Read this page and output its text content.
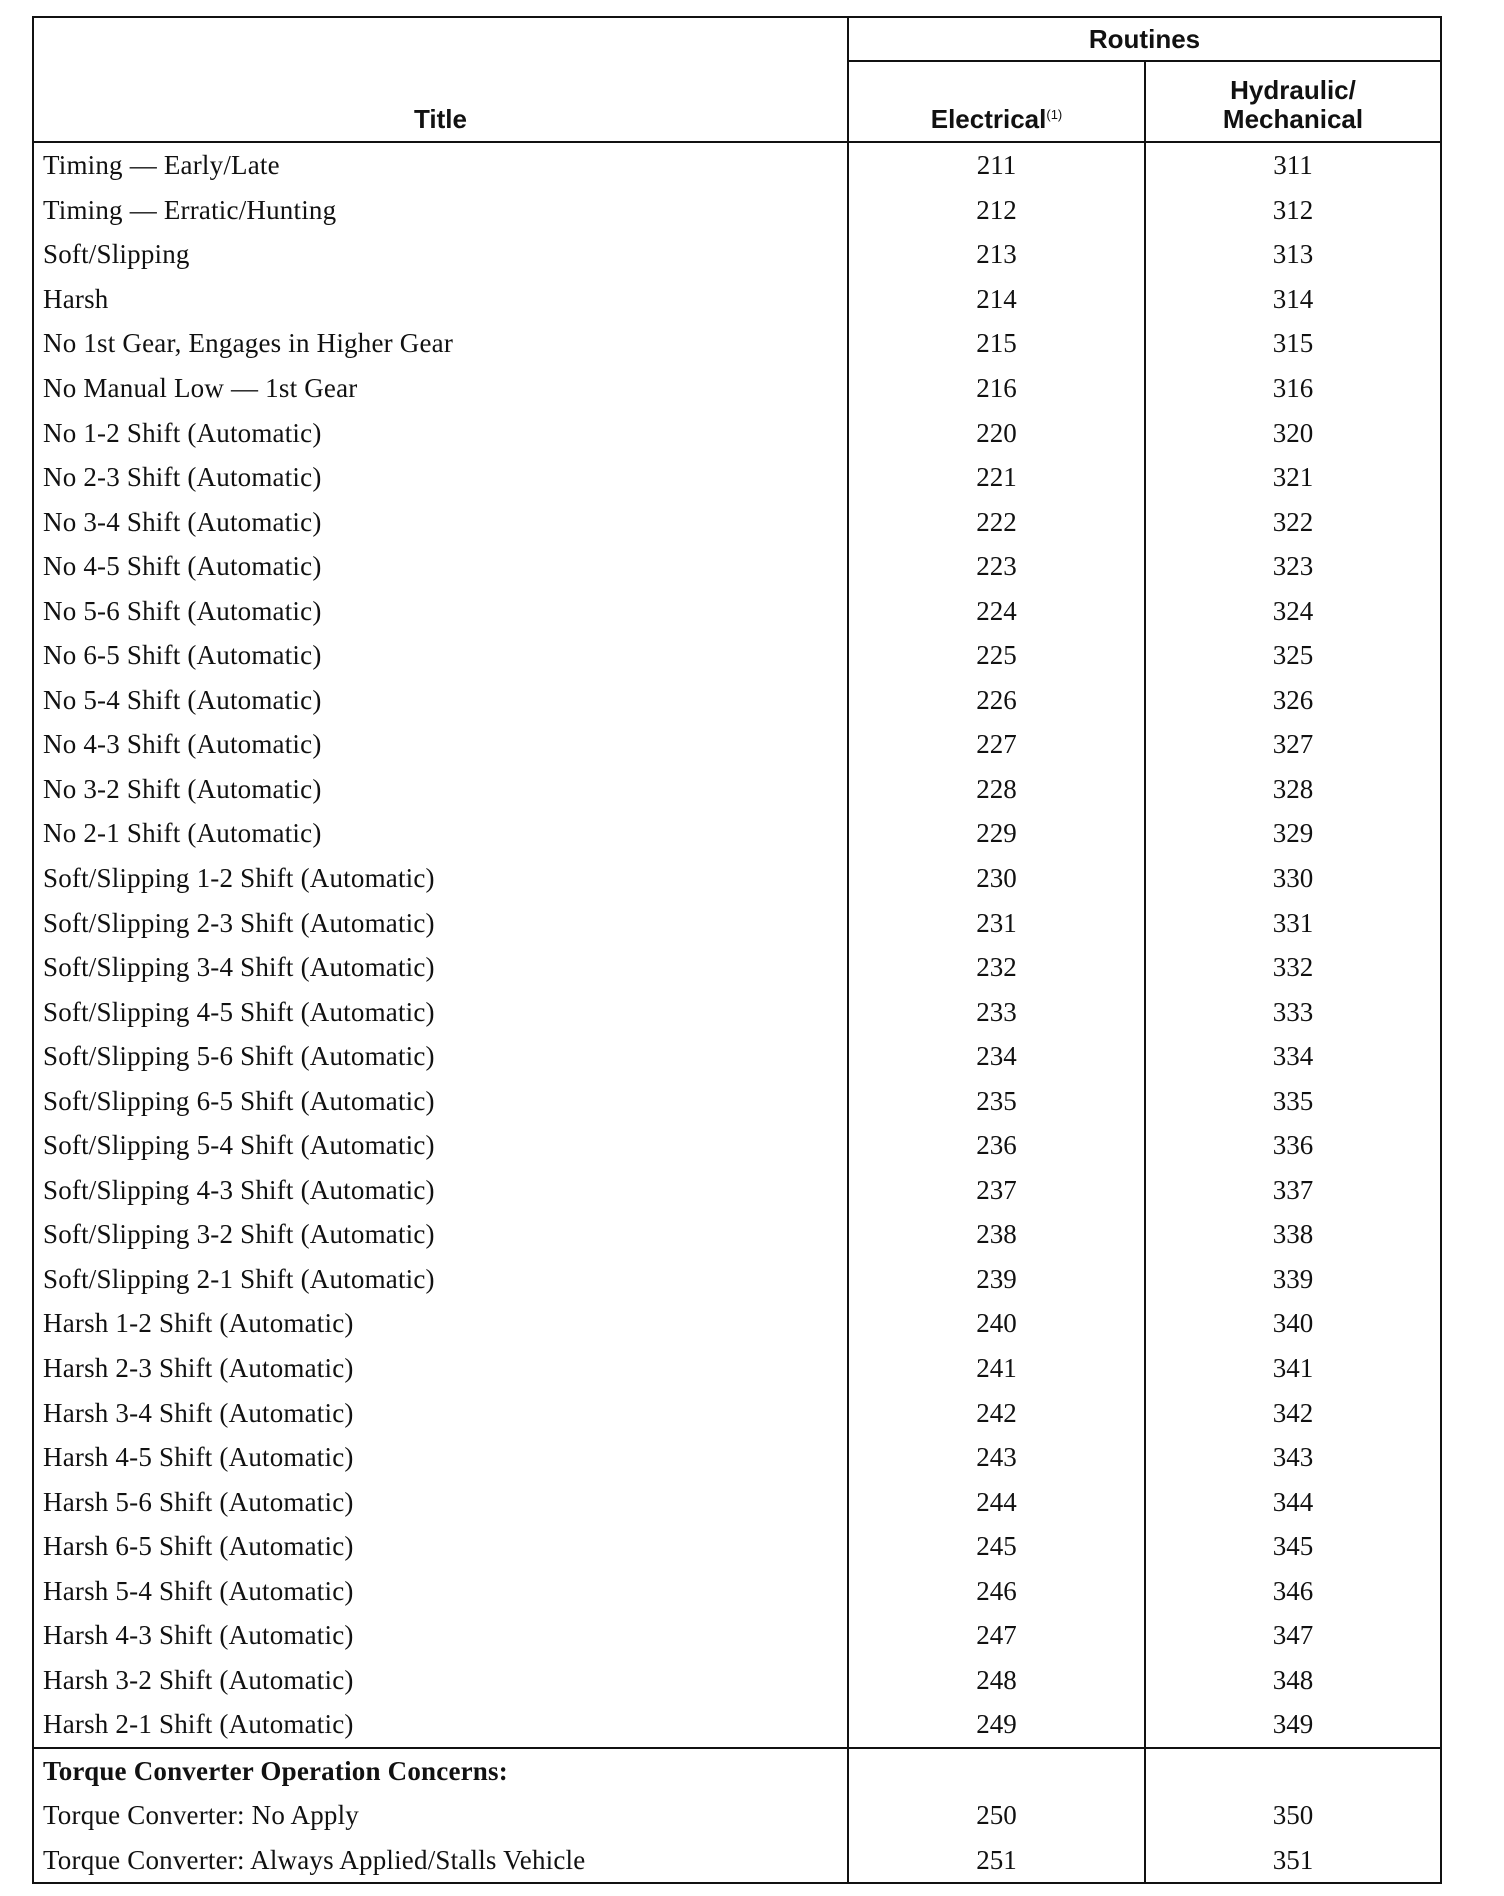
Title	Routines	
	Electrical$^{(1)}$	Hydraulic/
Mechanical
Timing — Early/Late	211	311
Timing — Erratic/Hunting	212	312
Soft/Slipping	213	313
Harsh	214	314
No 1st Gear, Engages in Higher Gear	215	315
No Manual Low — 1st Gear	216	316
No 1-2 Shift (Automatic)	220	320
No 2-3 Shift (Automatic)	221	321
No 3-4 Shift (Automatic)	222	322
No 4-5 Shift (Automatic)	223	323
No 5-6 Shift (Automatic)	224	324
No 6-5 Shift (Automatic)	225	325
No 5-4 Shift (Automatic)	226	326
No 4-3 Shift (Automatic)	227	327
No 3-2 Shift (Automatic)	228	328
No 2-1 Shift (Automatic)	229	329
Soft/Slipping 1-2 Shift (Automatic)	230	330
Soft/Slipping 2-3 Shift (Automatic)	231	331
Soft/Slipping 3-4 Shift (Automatic)	232	332
Soft/Slipping 4-5 Shift (Automatic)	233	333
Soft/Slipping 5-6 Shift (Automatic)	234	334
Soft/Slipping 6-5 Shift (Automatic)	235	335
Soft/Slipping 5-4 Shift (Automatic)	236	336
Soft/Slipping 4-3 Shift (Automatic)	237	337
Soft/Slipping 3-2 Shift (Automatic)	238	338
Soft/Slipping 2-1 Shift (Automatic)	239	339
Harsh 1-2 Shift (Automatic)	240	340
Harsh 2-3 Shift (Automatic)	241	341
Harsh 3-4 Shift (Automatic)	242	342
Harsh 4-5 Shift (Automatic)	243	343
Harsh 5-6 Shift (Automatic)	244	344
Harsh 6-5 Shift (Automatic)	245	345
Harsh 5-4 Shift (Automatic)	246	346
Harsh 4-3 Shift (Automatic)	247	347
Harsh 3-2 Shift (Automatic)	248	348
Harsh 2-1 Shift (Automatic)	249	349
Torque Converter Operation Concerns:		
Torque Converter: No Apply	250	350
Torque Converter: Always Applied/Stalls Vehicle	251	351
